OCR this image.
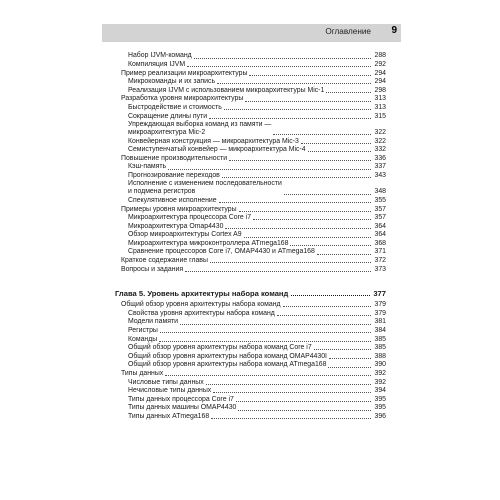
Оглавление 9
Набор IJVM-команд	288
Компиляция IJVM	292
Пример реализации микроархитектуры	294
Микрокоманды и их запись	294
Реализация IJVM с использованием микроархитектуры Mic-1	298
Разработка уровня микроархитектуры	313
Быстродействие и стоимость	313
Сокращение длины пути	315
Упреждающая выборка команд из памяти —
микроархитектура Mic-2	322
Конвейерная конструкция — микроархитектура Mic-3	322
Семиступенчатый конвейер — микроархитектура Mic-4	332
Повышение производительности	336
Кэш-память	337
Прогнозирование переходов	343
Исполнение с изменением последовательности
и подмена регистров	348
Спекулятивное исполнение	355
Примеры уровня микроархитектуры	357
Микроархитектура процессора Core i7	357
Микроархитектура Omap4430	364
Обзор микроархитектуры Cortex A9	364
Микроархитектура микроконтроллера ATmega168	368
Сравнение процессоров Core i7, OMAP4430 и ATmega168	371
Краткое содержание главы	372
Вопросы и задания	373
Глава 5. Уровень архитектуры набора команд	377
Общий обзор уровня архитектуры набора команд	379
Свойства уровня архитектуры набора команд	379
Модели памяти	381
Регистры	384
Команды	385
Общий обзор уровня архитектуры набора команд Core i7	385
Общий обзор уровня архитектуры набора команд OMAP4430I	388
Общий обзор уровня архитектуры набора команд ATmega168	390
Типы данных	392
Числовые типы данных	392
Нечисловые типы данных	394
Типы данных процессора Core i7	395
Типы данных машины OMAP4430	395
Типы данных ATmega168	396
